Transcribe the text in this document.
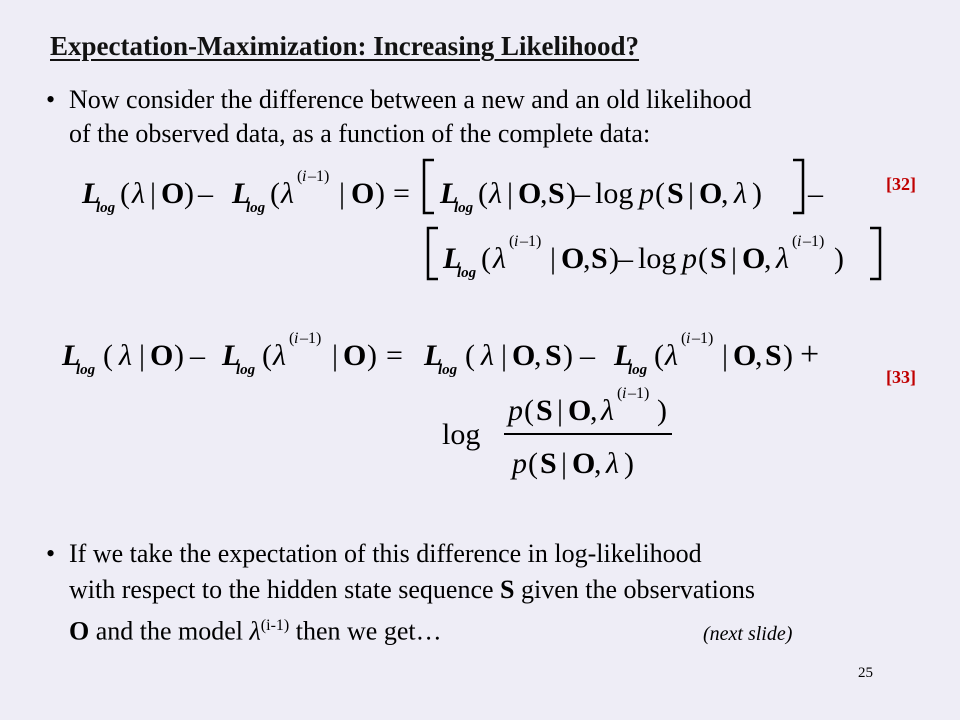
Expectation-Maximization: Increasing Likelihood?
• Now consider the difference between a new and an old likelihood
of the observed data, as a function of the complete data:
L
log ( λ | O ) – L
log ( λ
( i –1)
| O ) = L
log ( λ | O
, S ) – log p ( S | O
, λ ) –
L
log ( λ
( i –1)
| O
, S ) – log p ( S | O
, λ
( i –1)
)
L
log ( λ | O ) – L
log ( λ
( i –1)
| O ) = L
log ( λ | O
, S ) – L
log ( λ
( i –1)
| O
, S ) +
log
p ( S | O
, λ
( i –1)
)
p ( S | O
, λ )
[32]
[33]
• If we take the expectation of this difference in log-likelihood
with respect to the hidden state sequence S given the observations
O and the model $\lambda^{(i-1)}$ then we get…	(next slide)
25
